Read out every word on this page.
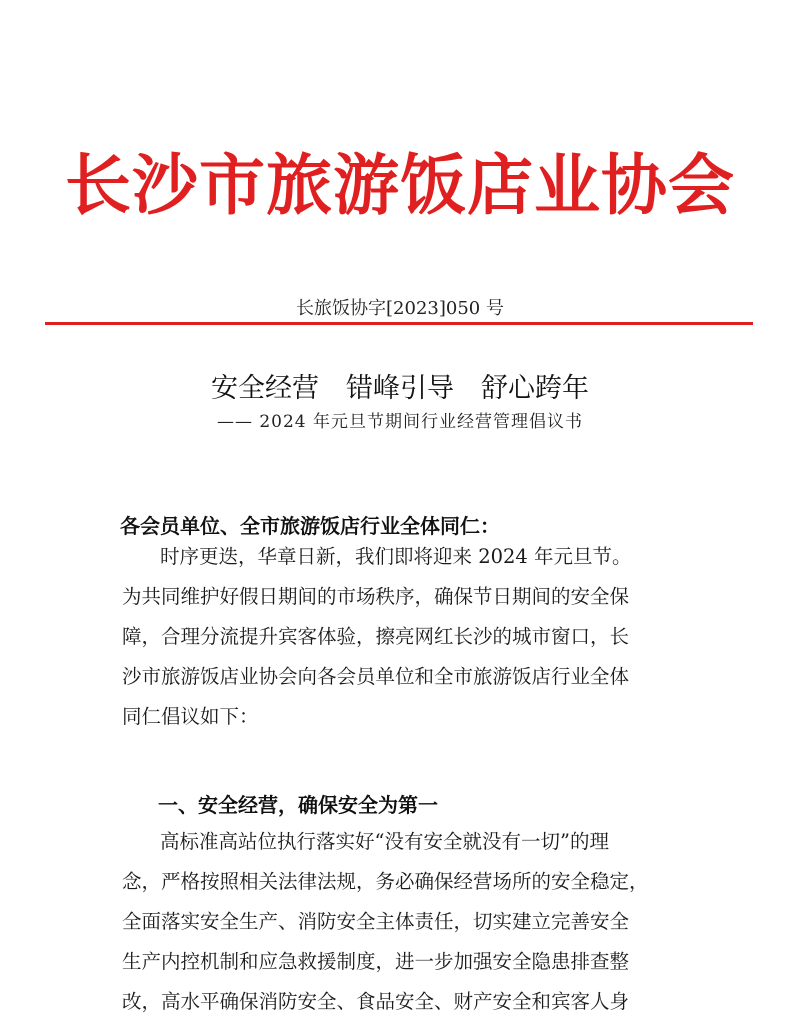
长沙市旅游饭店业协会
长旅饭协字[2023]050 号
安全经营　错峰引导　舒心跨年
—— 2024 年元旦节期间行业经营管理倡议书
各会员单位、全市旅游饭店行业全体同仁：
时序更迭，华章日新，我们即将迎来 2024 年元旦节。
为共同维护好假日期间的市场秩序，确保节日期间的安全保
障，合理分流提升宾客体验，擦亮网红长沙的城市窗口，长
沙市旅游饭店业协会向各会员单位和全市旅游饭店行业全体
同仁倡议如下：
一、安全经营，确保安全为第一
高标准高站位执行落实好“没有安全就没有一切”的理
念，严格按照相关法律法规，务必确保经营场所的安全稳定，
全面落实安全生产、消防安全主体责任，切实建立完善安全
生产内控机制和应急救援制度，进一步加强安全隐患排查整
改，高水平确保消防安全、食品安全、财产安全和宾客人身
